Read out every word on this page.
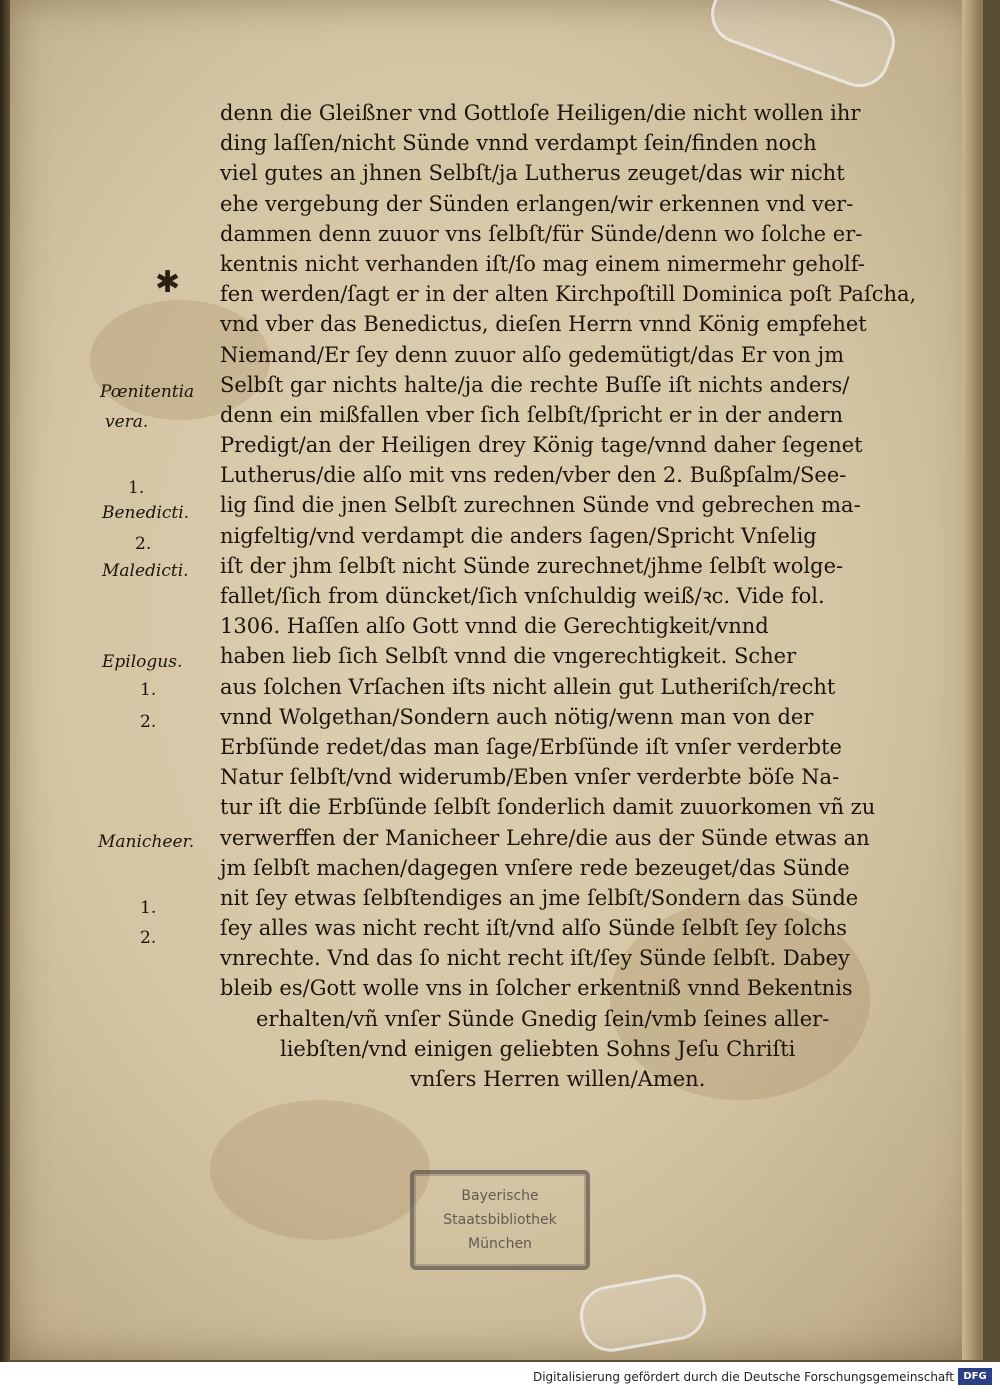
✱
denn die Gleißner vnd Gottloſe Heiligen/die nicht wollen ihr
ding laſſen/nicht Sünde vnnd verdampt ſein/finden noch
viel gutes an jhnen Selbſt/ja Lutherus zeuget/das wir nicht
ehe vergebung der Sünden erlangen/wir erkennen vnd ver-
dammen denn zuuor vns ſelbſt/für Sünde/denn wo ſolche er-
kentnis nicht verhanden iſt/ſo mag einem nimermehr geholf-
fen werden/ſagt er in der alten Kirchpoſtill Dominica poſt Paſcha,
vnd vber das Benedictus, dieſen Herrn vnnd König empfehet
Niemand/Er ſey denn zuuor alſo gedemütigt/das Er von jm
Selbſt gar nichts halte/ja die rechte Buſſe iſt nichts anders/
denn ein mißfallen vber ſich ſelbſt/ſpricht er in der andern
Predigt/an der Heiligen drey König tage/vnnd daher ſegenet
Lutherus/die alſo mit vns reden/vber den 2. Bußpſalm/See-
lig ſind die jnen Selbſt zurechnen Sünde vnd gebrechen ma-
nigfeltig/vnd verdampt die anders ſagen/Spricht Vnſelig
iſt der jhm ſelbſt nicht Sünde zurechnet/jhme ſelbſt wolge-
fallet/ſich from düncket/ſich vnſchuldig weiß/ꝛc. Vide fol.
1306. Haſſen alſo Gott vnnd die Gerechtigkeit/vnnd
haben lieb ſich Selbſt vnnd die vngerechtigkeit. Scher
aus ſolchen Vrſachen iſts nicht allein gut Lutheriſch/recht
vnnd Wolgethan/Sondern auch nötig/wenn man von der
Erbſünde redet/das man ſage/Erbſünde iſt vnſer verderbte
Natur ſelbſt/vnd widerumb/Eben vnſer verderbte böſe Na-
tur iſt die Erbſünde ſelbſt ſonderlich damit zuuorkomen vñ zu
verwerffen der Manicheer Lehre/die aus der Sünde etwas an
jm ſelbſt machen/dagegen vnſere rede bezeuget/das Sünde
nit ſey etwas ſelbſtendiges an jme ſelbſt/Sondern das Sünde
ſey alles was nicht recht iſt/vnd alſo Sünde ſelbſt ſey ſolchs
vnrechte. Vnd das ſo nicht recht iſt/ſey Sünde ſelbſt. Dabey
bleib es/Gott wolle vns in ſolcher erkentniß vnnd Bekentnis
erhalten/vñ vnſer Sünde Gnedig ſein/vmb ſeines aller-
liebſten/vnd einigen geliebten Sohns Jeſu Chriſti
vnſers Herren willen/Amen.
Pœnitentia
vera.
1.
Benedicti.
2.
Maledicti.
Epilogus.
1.
2.
Manicheer.
1.
2.
Bayerische
Staatsbibliothek
München
Digitalisierung gefördert durch die Deutsche Forschungsgemeinschaft DFG
